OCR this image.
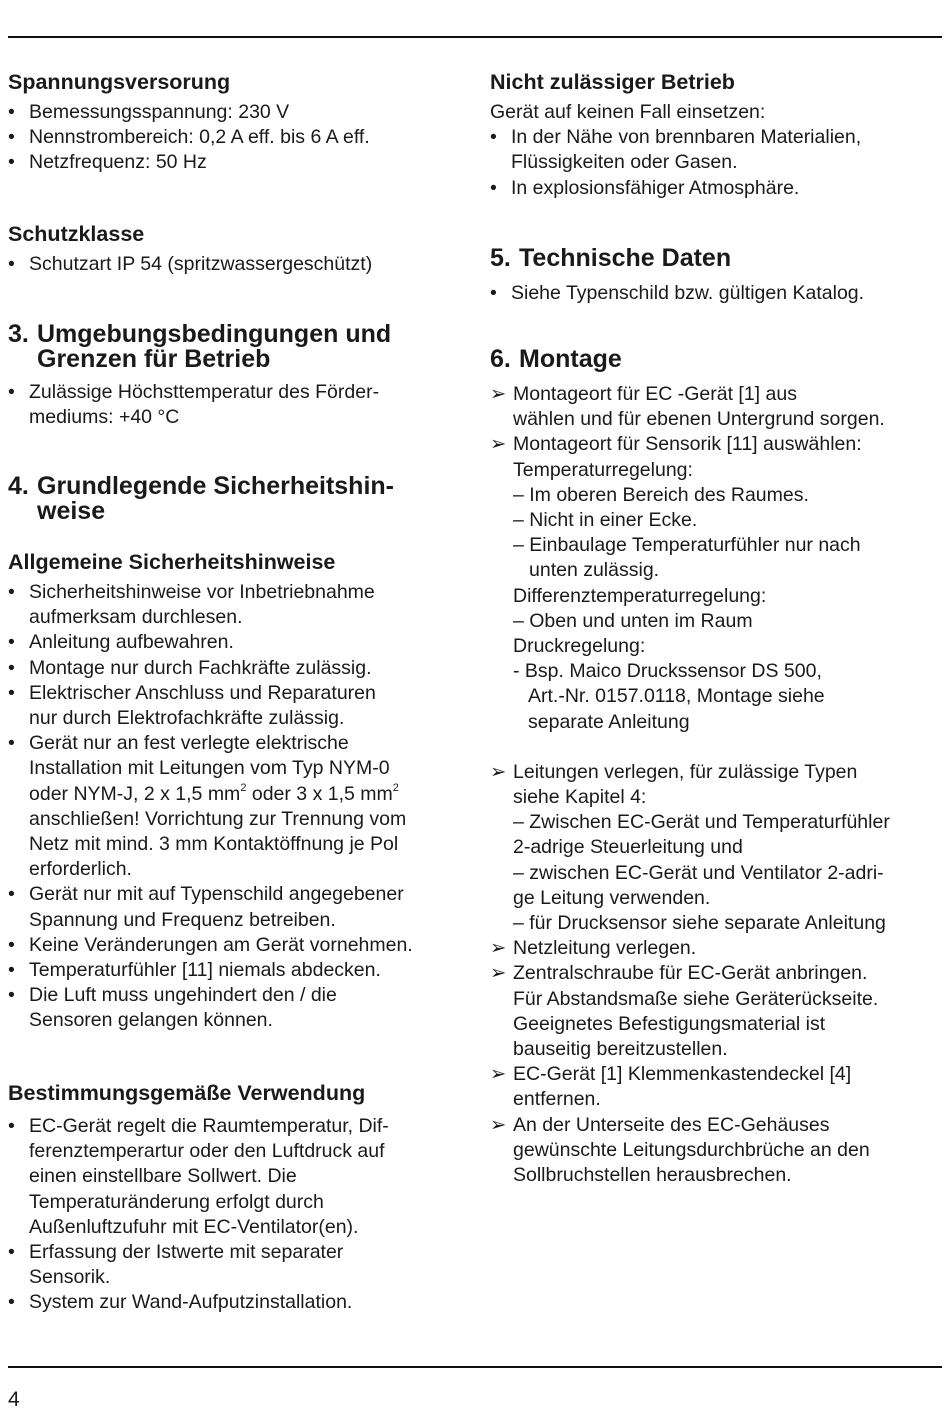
Spannungsversorung

• Bemessungsspannung: 230 V
• Nennstrombereich: 0,2 A eff. bis 6 A eff.
• Netzfrequenz: 50 Hz

Schutzklasse

• Schutzart IP 54 (spritzwassergeschützt)

3. Umgebungsbedingungen und
Grenzen für Betrieb

• Zulässige Höchsttemperatur des Förder-
mediums: +40 °C

4. Grundlegende Sicherheitshin-
weise

Allgemeine Sicherheitshinweise

• Sicherheitshinweise vor Inbetriebnahme
aufmerksam durchlesen.
• Anleitung aufbewahren.
• Montage nur durch Fachkräfte zulässig.
• Elektrischer Anschluss und Reparaturen
nur durch Elektrofachkräfte zulässig.
• Gerät nur an fest verlegte elektrische
Installation mit Leitungen vom Typ NYM-0
oder NYM-J, 2 x 1,5 $mm^2$ oder 3 x 1,5 $mm^2$
anschließen! Vorrichtung zur Trennung vom
Netz mit mind. 3 mm Kontaktöffnung je Pol
erforderlich.
• Gerät nur mit auf Typenschild angegebener
Spannung und Frequenz betreiben.
• Keine Veränderungen am Gerät vornehmen.
• Temperaturfühler [11] niemals abdecken.
• Die Luft muss ungehindert den / die
Sensoren gelangen können.

Bestimmungsgemäße Verwendung

• EC-Gerät regelt die Raumtemperatur, Dif-
ferenztemperartur oder den Luftdruck auf
einen einstellbare Sollwert. Die
Temperaturänderung erfolgt durch
Außenluftzufuhr mit EC-Ventilator(en).
• Erfassung der Istwerte mit separater
Sensorik.
• System zur Wand-Aufputzinstallation.

Nicht zulässiger Betrieb

Gerät auf keinen Fall einsetzen:

• In der Nähe von brennbaren Materialien,
Flüssigkeiten oder Gasen.
• In explosionsfähiger Atmosphäre.

5. Technische Daten

• Siehe Typenschild bzw. gültigen Katalog.

6. Montage

➢ Montageort für EC -Gerät [1] aus
wählen und für ebenen Untergrund sorgen.
➢ Montageort für Sensorik [11] auswählen:
Temperaturregelung:
– Im oberen Bereich des Raumes.
– Nicht in einer Ecke.
– Einbaulage Temperaturfühler nur nach
unten zulässig.
Differenztemperaturregelung:
– Oben und unten im Raum
Druckregelung:
- Bsp. Maico Druckssensor DS 500,
Art.-Nr. 0157.0118, Montage siehe
separate Anleitung
➢ Leitungen verlegen, für zulässige Typen
siehe Kapitel 4:
– Zwischen EC-Gerät und Temperaturfühler
2-adrige Steuerleitung und
– zwischen EC-Gerät und Ventilator 2-adri-
ge Leitung verwenden.
– für Drucksensor siehe separate Anleitung
➢ Netzleitung verlegen.
➢ Zentralschraube für EC-Gerät anbringen.
Für Abstandsmaße siehe Geräterückseite.
Geeignetes Befestigungsmaterial ist
bauseitig bereitzustellen.
➢ EC-Gerät [1] Klemmenkastendeckel [4]
entfernen.
➢ An der Unterseite des EC-Gehäuses
gewünschte Leitungsdurchbrüche an den
Sollbruchstellen herausbrechen.
4
